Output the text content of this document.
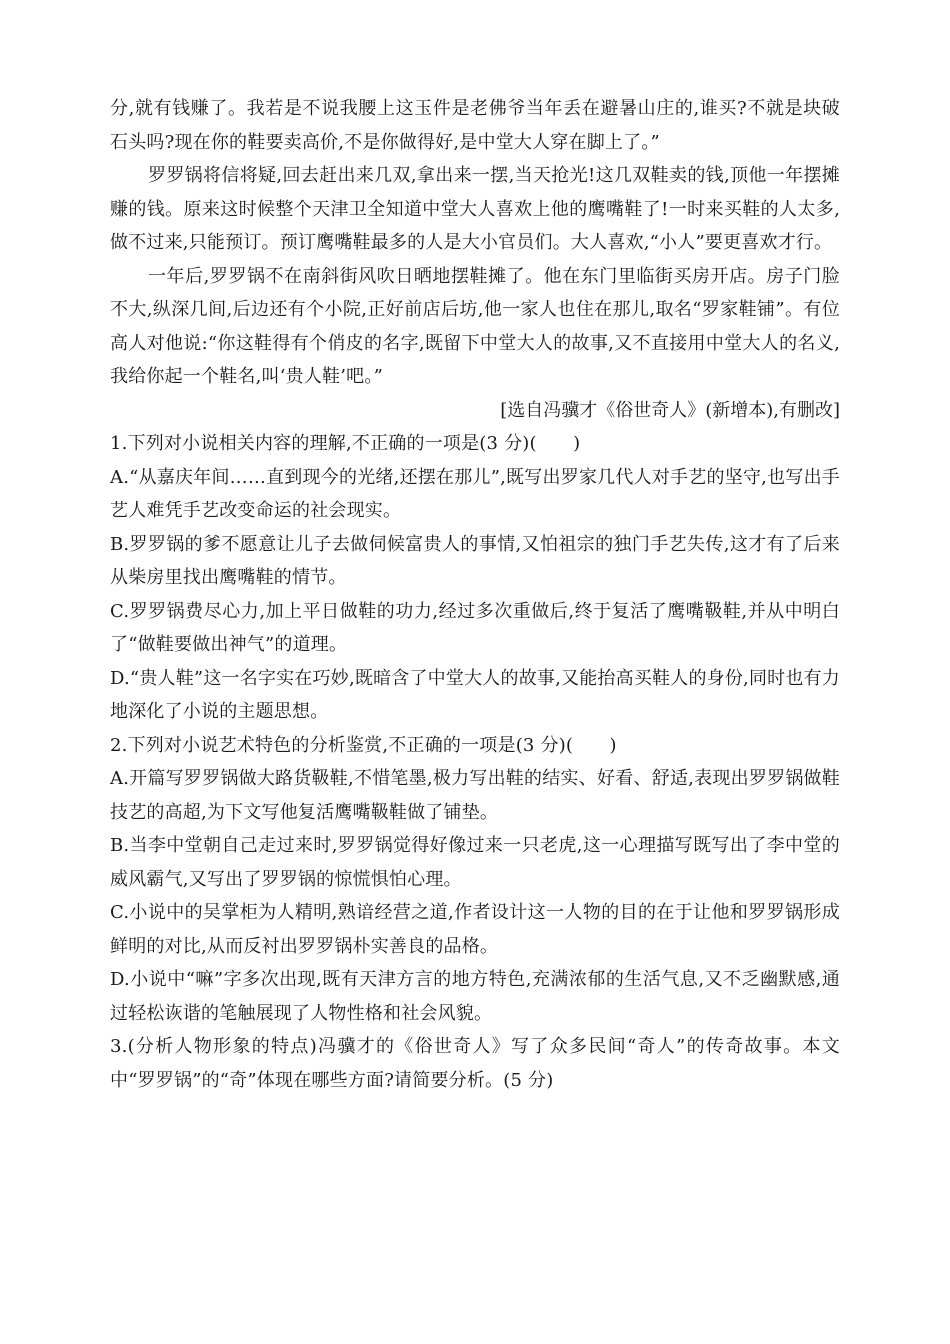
分,就有钱赚了。我若是不说我腰上这玉件是老佛爷当年丢在避暑山庄的,谁买?不就是块破石头吗?现在你的鞋要卖高价,不是你做得好,是中堂大人穿在脚上了。”

罗罗锅将信将疑,回去赶出来几双,拿出来一摆,当天抢光!这几双鞋卖的钱,顶他一年摆摊赚的钱。原来这时候整个天津卫全知道中堂大人喜欢上他的鹰嘴鞋了!一时来买鞋的人太多,做不过来,只能预订。预订鹰嘴鞋最多的人是大小官员们。大人喜欢,“小人”要更喜欢才行。

一年后,罗罗锅不在南斜街风吹日晒地摆鞋摊了。他在东门里临街买房开店。房子门脸不大,纵深几间,后边还有个小院,正好前店后坊,他一家人也住在那儿,取名“罗家鞋铺”。有位高人对他说:“你这鞋得有个俏皮的名字,既留下中堂大人的故事,又不直接用中堂大人的名义,我给你起一个鞋名,叫‘贵人鞋’吧。”

[选自冯骥才《俗世奇人》(新增本),有删改]

1.下列对小说相关内容的理解,不正确的一项是(3 分)(　　)

A.“从嘉庆年间……直到现今的光绪,还摆在那儿”,既写出罗家几代人对手艺的坚守,也写出手艺人难凭手艺改变命运的社会现实。

B.罗罗锅的爹不愿意让儿子去做伺候富贵人的事情,又怕祖宗的独门手艺失传,这才有了后来从柴房里找出鹰嘴鞋的情节。

C.罗罗锅费尽心力,加上平日做鞋的功力,经过多次重做后,终于复活了鹰嘴靸鞋,并从中明白了“做鞋要做出神气”的道理。

D.“贵人鞋”这一名字实在巧妙,既暗含了中堂大人的故事,又能抬高买鞋人的身份,同时也有力地深化了小说的主题思想。

2.下列对小说艺术特色的分析鉴赏,不正确的一项是(3 分)(　　)

A.开篇写罗罗锅做大路货靸鞋,不惜笔墨,极力写出鞋的结实、好看、舒适,表现出罗罗锅做鞋技艺的高超,为下文写他复活鹰嘴靸鞋做了铺垫。

B.当李中堂朝自己走过来时,罗罗锅觉得好像过来一只老虎,这一心理描写既写出了李中堂的威风霸气,又写出了罗罗锅的惊慌惧怕心理。

C.小说中的吴掌柜为人精明,熟谙经营之道,作者设计这一人物的目的在于让他和罗罗锅形成鲜明的对比,从而反衬出罗罗锅朴实善良的品格。

D.小说中“嘛”字多次出现,既有天津方言的地方特色,充满浓郁的生活气息,又不乏幽默感,通过轻松诙谐的笔触展现了人物性格和社会风貌。

3.(分析人物形象的特点)冯骥才的《俗世奇人》写了众多民间“奇人”的传奇故事。本文中“罗罗锅”的“奇”体现在哪些方面?请简要分析。(5 分)
